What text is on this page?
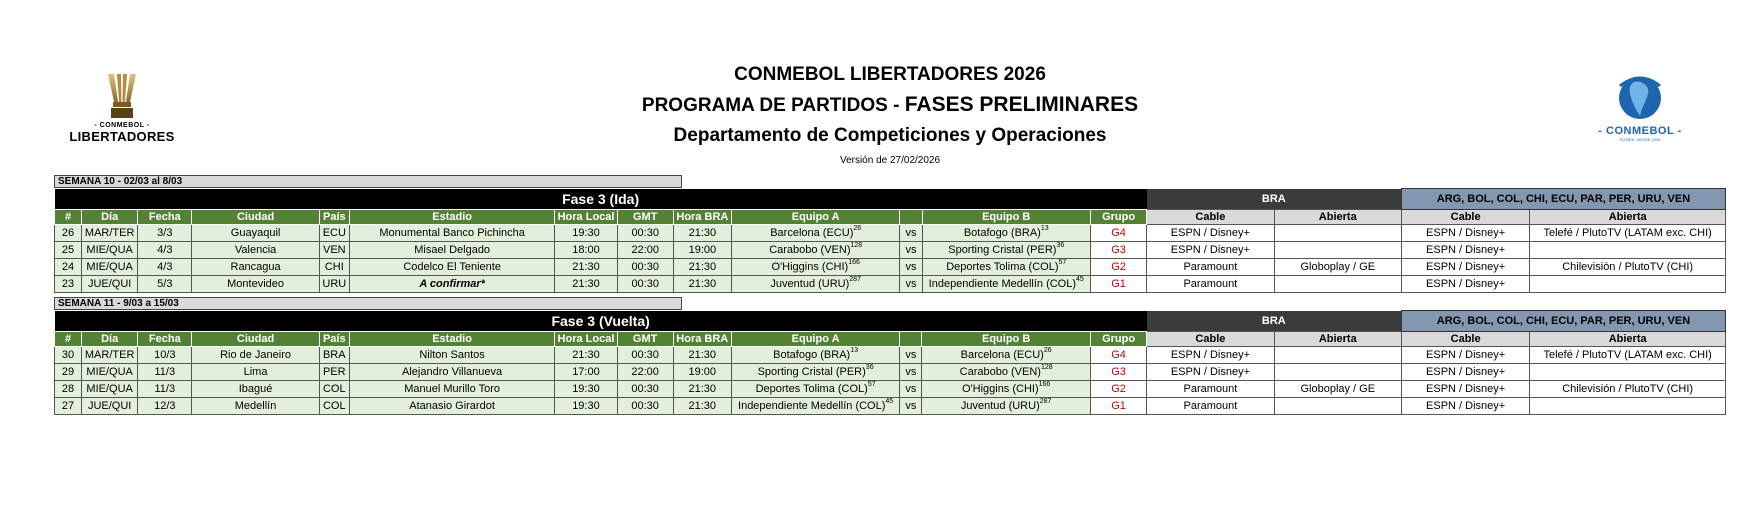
- CONMEBOL -
LIBERTADORES	- CONMEBOL -
FÚTBOL DESDE 1916
CONMEBOL LIBERTADORES 2026
PROGRAMA DE PARTIDOS - FASES PRELIMINARES
Departamento de Competiciones y Operaciones
Versión de 27/02/2026
SEMANA 10 - 02/03 al 8/03
Fase 3 (Ida)													BRA		ARG, BOL, COL, CHI, ECU, PAR, PER, URU, VEN	
#	Día	Fecha	Ciudad	País	Estadio	Hora Local	GMT	Hora BRA	Equipo A		Equipo B	Grupo	Cable	Abierta	Cable	Abierta
26	MAR/TER	3/3	Guayaquil	ECU	Monumental Banco Pichincha	19:30	00:30	21:30	Barcelona (ECU)$^{26}$	vs	Botafogo (BRA)$^{13}$	G4	ESPN / Disney+		ESPN / Disney+	Telefé / PlutoTV (LATAM exc. CHI)
25	MIE/QUA	4/3	Valencia	VEN	Misael Delgado	18:00	22:00	19:00	Carabobo (VEN)$^{128}$	vs	Sporting Cristal (PER)$^{36}$	G3	ESPN / Disney+		ESPN / Disney+	
24	MIE/QUA	4/3	Rancagua	CHI	Codelco El Teniente	21:30	00:30	21:30	O'Higgins (CHI)$^{166}$	vs	Deportes Tolima (COL)$^{57}$	G2	Paramount	Globoplay / GE	ESPN / Disney+	Chilevisión / PlutoTV (CHI)
23	JUE/QUI	5/3	Montevideo	URU	A confirmar*	21:30	00:30	21:30	Juventud (URU)$^{287}$	vs	Independiente Medellín (COL)$^{45}$	G1	Paramount		ESPN / Disney+	
SEMANA 11 - 9/03 a 15/03
Fase 3 (Vuelta)													BRA		ARG, BOL, COL, CHI, ECU, PAR, PER, URU, VEN	
#	Día	Fecha	Ciudad	País	Estadio	Hora Local	GMT	Hora BRA	Equipo A		Equipo B	Grupo	Cable	Abierta	Cable	Abierta
30	MAR/TER	10/3	Rio de Janeiro	BRA	Nilton Santos	21:30	00:30	21:30	Botafogo (BRA)$^{13}$	vs	Barcelona (ECU)$^{26}$	G4	ESPN / Disney+		ESPN / Disney+	Telefé / PlutoTV (LATAM exc. CHI)
29	MIE/QUA	11/3	Lima	PER	Alejandro Villanueva	17:00	22:00	19:00	Sporting Cristal (PER)$^{36}$	vs	Carabobo (VEN)$^{128}$	G3	ESPN / Disney+		ESPN / Disney+	
28	MIE/QUA	11/3	Ibagué	COL	Manuel Murillo Toro	19:30	00:30	21:30	Deportes Tolima (COL)$^{57}$	vs	O'Higgins (CHI)$^{166}$	G2	Paramount	Globoplay / GE	ESPN / Disney+	Chilevisión / PlutoTV (CHI)
27	JUE/QUI	12/3	Medellín	COL	Atanasio Girardot	19:30	00:30	21:30	Independiente Medellín (COL)$^{45}$	vs	Juventud (URU)$^{287}$	G1	Paramount		ESPN / Disney+	
